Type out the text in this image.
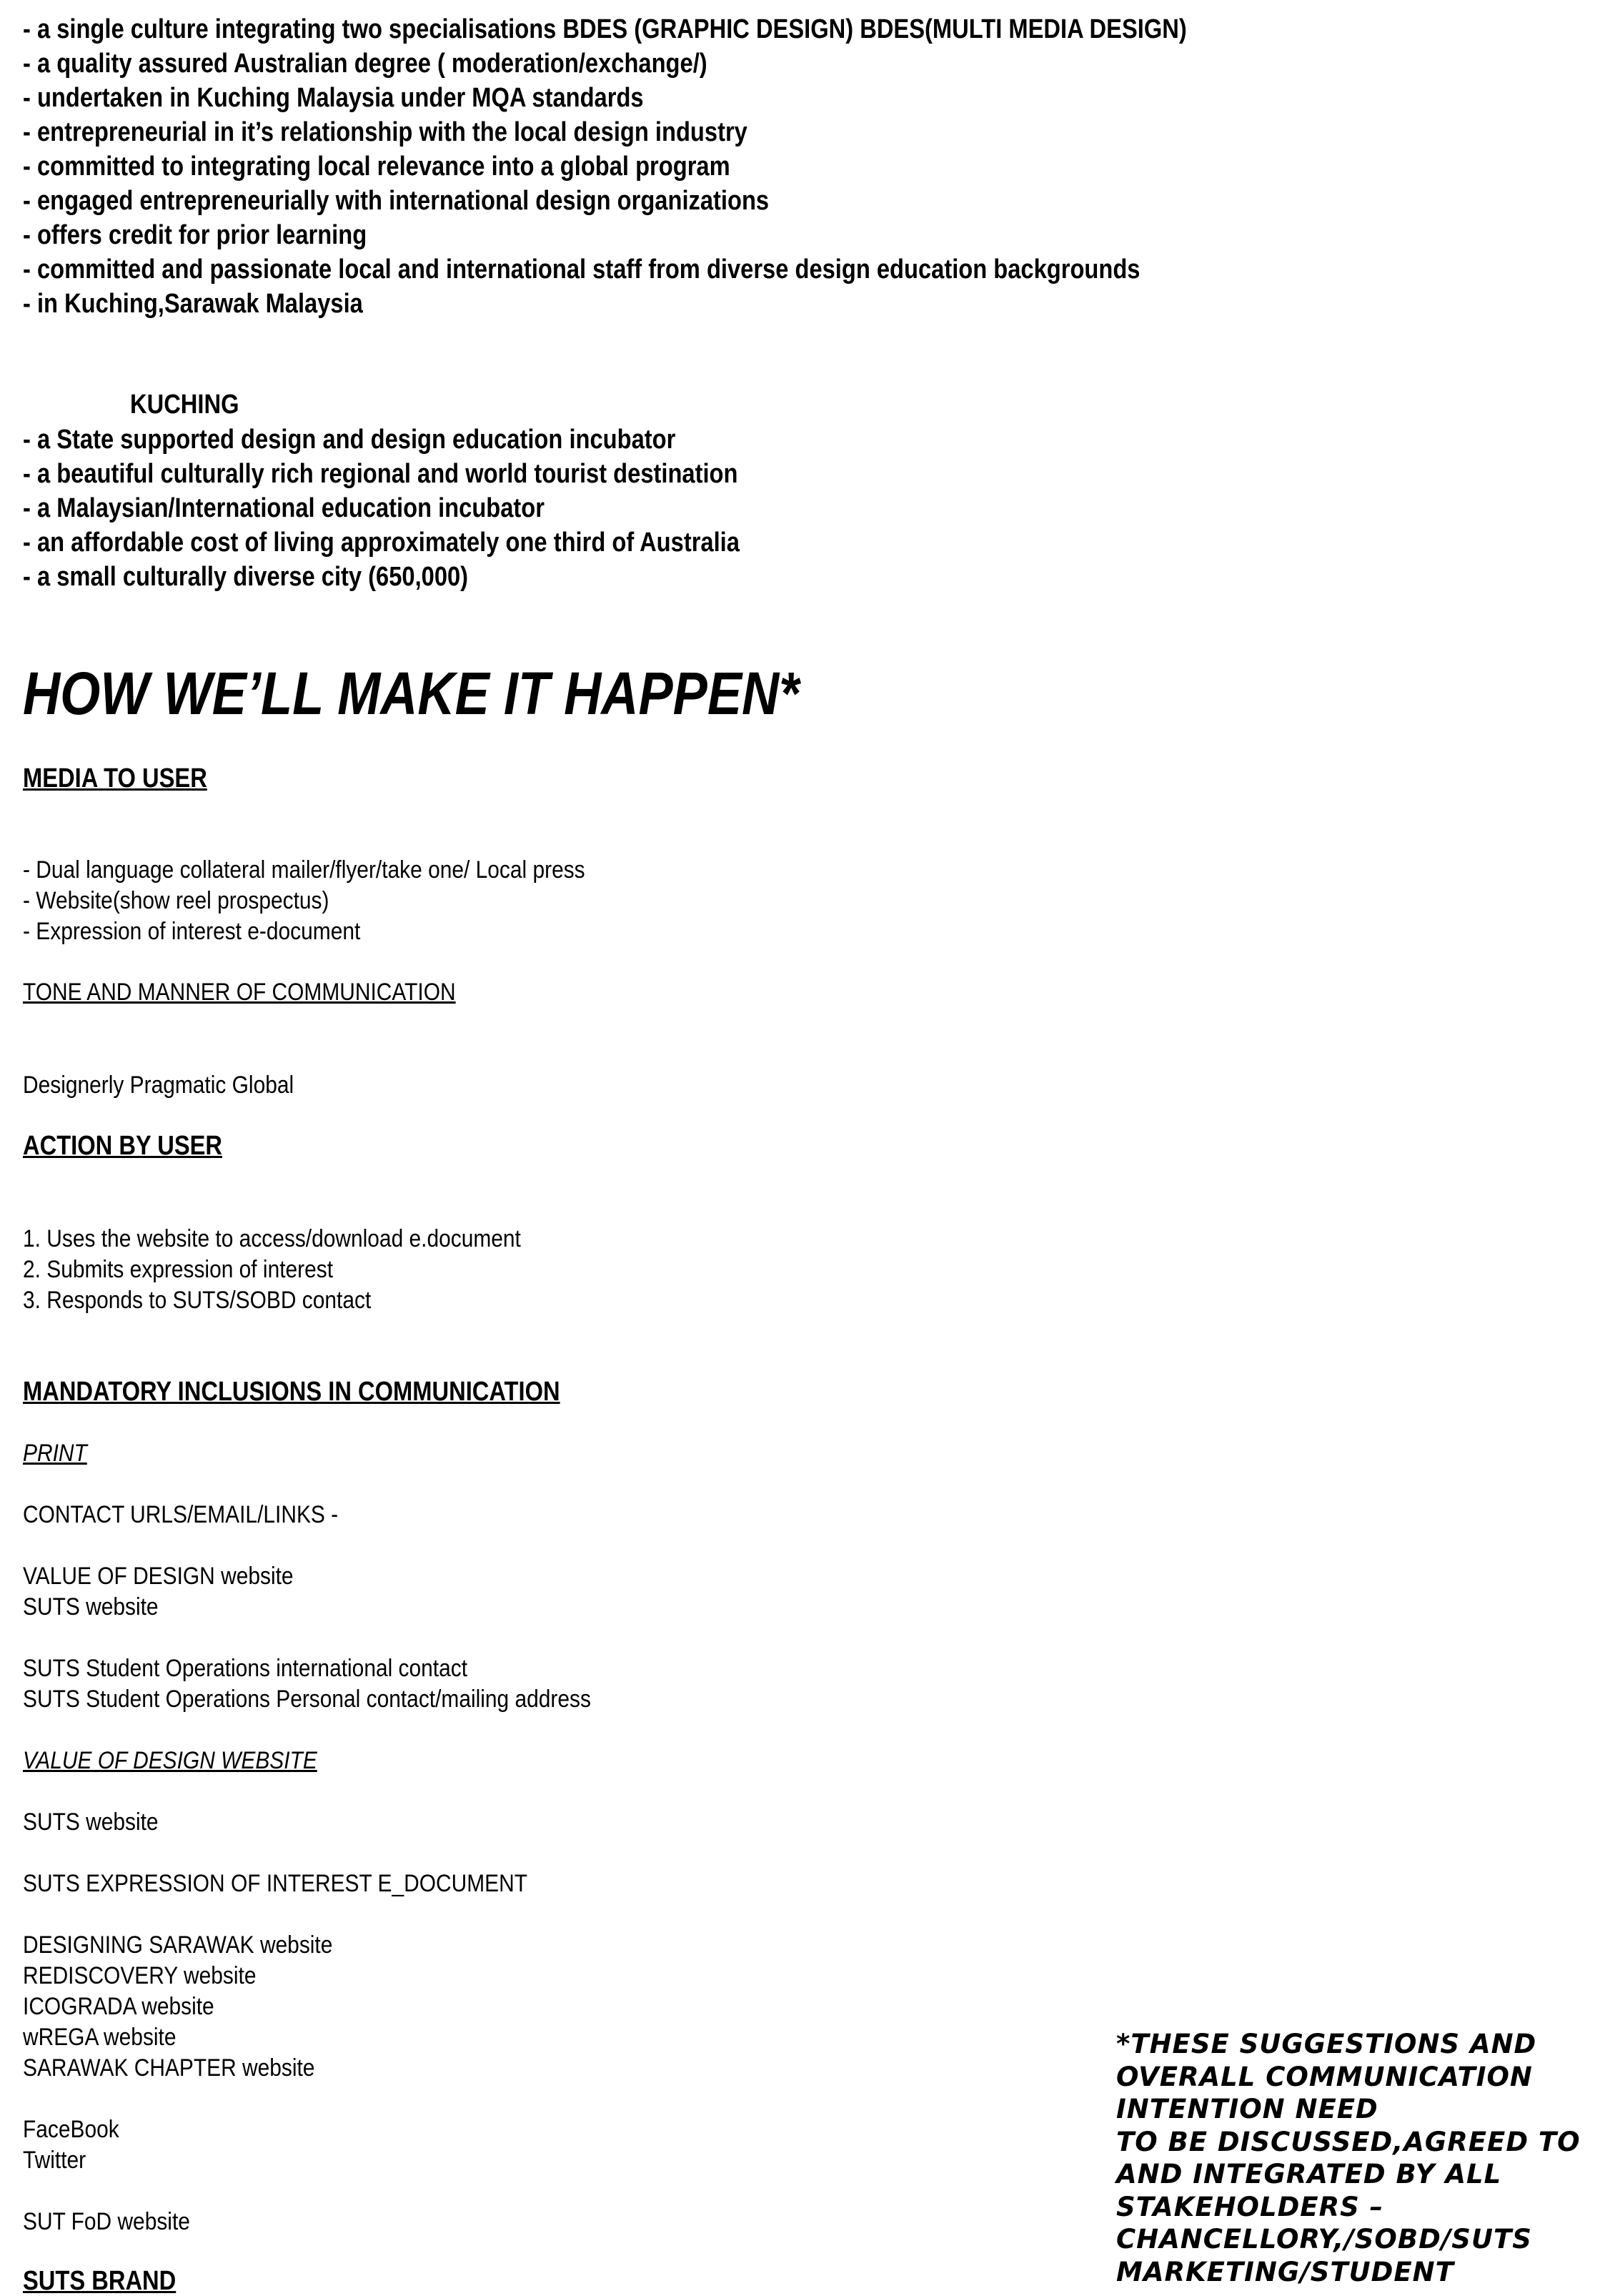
- a single culture integrating two specialisations BDES (GRAPHIC DESIGN) BDES(MULTI MEDIA DESIGN)
- a quality assured Australian degree ( moderation/exchange/)
- undertaken in Kuching Malaysia under MQA standards
- entrepreneurial in it’s relationship with the local design industry
- committed to integrating local relevance into a global program
- engaged entrepreneurially with international design organizations
- offers credit for prior learning
- committed and passionate local and international staff from diverse design education backgrounds
- in Kuching,Sarawak Malaysia
KUCHING
- a State supported design and design education incubator
- a beautiful culturally rich regional and world tourist destination
- a Malaysian/International education incubator
- an affordable cost of living approximately one third of Australia
- a small culturally diverse city (650,000)
HOW WE’LL MAKE IT HAPPEN*
MEDIA TO USER
- Dual language collateral mailer/flyer/take one/ Local press
- Website(show reel prospectus)
- Expression of interest e-document
TONE AND MANNER OF COMMUNICATION
Designerly Pragmatic Global
ACTION BY USER
1. Uses the website to access/download e.document
2. Submits expression of interest
3. Responds to SUTS/SOBD contact
MANDATORY INCLUSIONS IN COMMUNICATION
PRINT
CONTACT URLS/EMAIL/LINKS -
VALUE OF DESIGN website
SUTS website
SUTS Student Operations international contact
SUTS Student Operations Personal contact/mailing address
VALUE OF DESIGN WEBSITE
SUTS website
SUTS EXPRESSION OF INTEREST E_DOCUMENT
DESIGNING SARAWAK website
REDISCOVERY website
ICOGRADA website
wREGA website
SARAWAK CHAPTER website
FaceBook
Twitter
SUT FoD website
SUTS BRAND
*THESE SUGGESTIONS AND
OVERALL COMMUNICATION
INTENTION NEED
TO BE DISCUSSED,AGREED TO
AND INTEGRATED BY ALL
STAKEHOLDERS –
CHANCELLORY,/SOBD/SUTS
MARKETING/STUDENT
